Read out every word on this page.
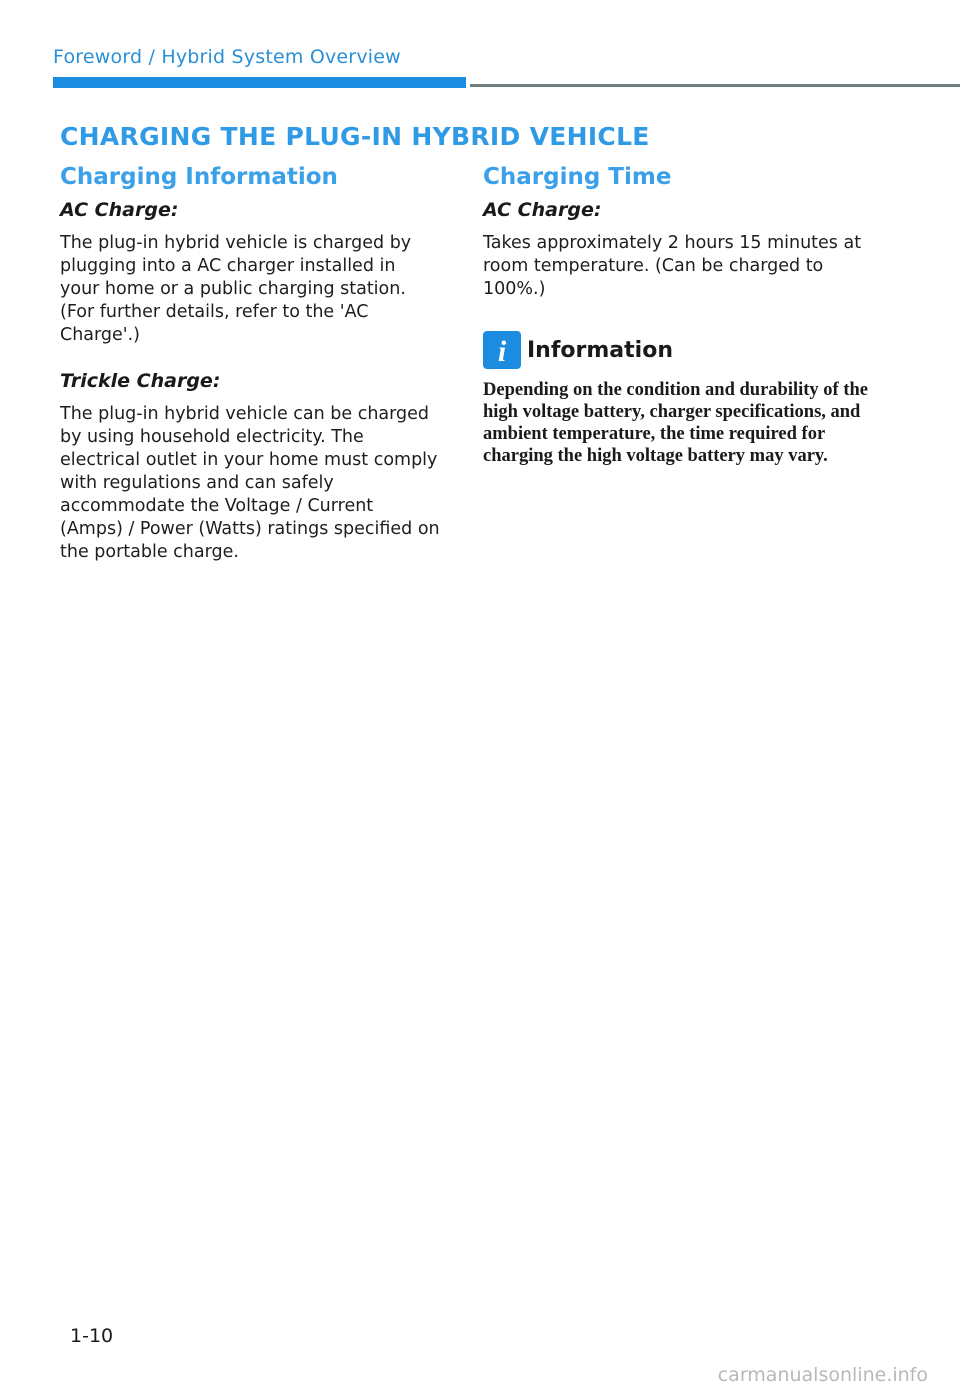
Foreword / Hybrid System Overview
CHARGING THE PLUG-IN HYBRID VEHICLE
Charging Information
AC Charge:

The plug-in hybrid vehicle is charged by plugging into a AC charger installed in your home or a public charging station. (For further details, refer to the 'AC Charge'.)

Trickle Charge:

The plug-in hybrid vehicle can be charged by using household electricity. The electrical outlet in your home must comply with regulations and can safely accommodate the Voltage / Current (Amps) / Power (Watts) ratings specified on the portable charge.

Charging Time
AC Charge:

Takes approximately 2 hours 15 minutes at room temperature. (Can be charged to 100%.)

i Information

Depending on the condition and durability of the high voltage battery, charger specifications, and ambient temperature, the time required for charging the high voltage battery may vary.

1-10
carmanualsonline.info
